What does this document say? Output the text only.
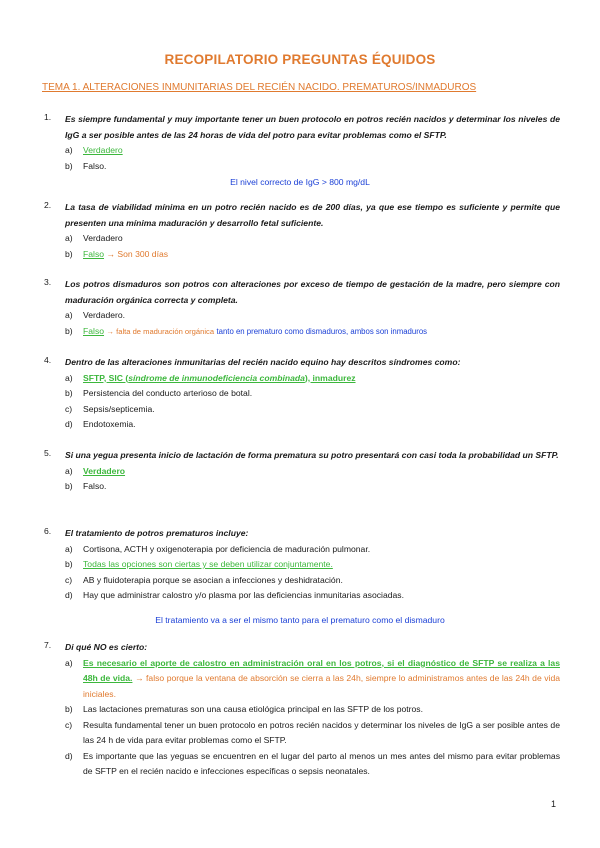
RECOPILATORIO PREGUNTAS ÉQUIDOS
TEMA 1. ALTERACIONES INMUNITARIAS DEL RECIÉN NACIDO. PREMATUROS/INMADUROS
1.	Es siempre fundamental y muy importante tener un buen protocolo en potros recién nacidos y determinar los niveles de IgG a ser posible antes de las 24 horas de vida del potro para evitar problemas como el SFTP.
a) Verdadero
b) Falso.
El nivel correcto de IgG > 800 mg/dL
2.	La tasa de viabilidad mínima en un potro recién nacido es de 200 días, ya que ese tiempo es suficiente y permite que presenten una mínima maduración y desarrollo fetal suficiente.
a) Verdadero
b) Falso → Son 300 días
3.	Los potros dismaduros son potros con alteraciones por exceso de tiempo de gestación de la madre, pero siempre con maduración orgánica correcta y completa.
a) Verdadero.
b) Falso → falta de maduración orgánica tanto en prematuro como dismaduros, ambos son inmaduros
4.	Dentro de las alteraciones inmunitarias del recién nacido equino hay descritos síndromes como:
a) SFTP, SIC (síndrome de inmunodeficiencia combinada), inmadurez
b) Persistencia del conducto arterioso de botal.
c) Sepsis/septicemia.
d) Endotoxemia.
5.	Si una yegua presenta inicio de lactación de forma prematura su potro presentará con casi toda la probabilidad un SFTP.
a) Verdadero
b) Falso.
6.	El tratamiento de potros prematuros incluye:
a) Cortisona, ACTH y oxigenoterapia por deficiencia de maduración pulmonar.
b) Todas las opciones son ciertas y se deben utilizar conjuntamente.
c) AB y fluidoterapia porque se asocian a infecciones y deshidratación.
d) Hay que administrar calostro y/o plasma por las deficiencias inmunitarias asociadas.
El tratamiento va a ser el mismo tanto para el prematuro como el dismaduro
7.	Di qué NO es cierto:
a) Es necesario el aporte de calostro en administración oral en los potros, si el diagnóstico de SFTP se realiza a las 48h de vida. → falso porque la ventana de absorción se cierra a las 24h, siempre lo administramos antes de las 24h de vida iniciales.
b) Las lactaciones prematuras son una causa etiológica principal en las SFTP de los potros.
c) Resulta fundamental tener un buen protocolo en potros recién nacidos y determinar los niveles de IgG a ser posible antes de las 24 h de vida para evitar problemas como el SFTP.
d) Es importante que las yeguas se encuentren en el lugar del parto al menos un mes antes del mismo para evitar problemas de SFTP en el recién nacido e infecciones específicas o sepsis neonatales.
1
